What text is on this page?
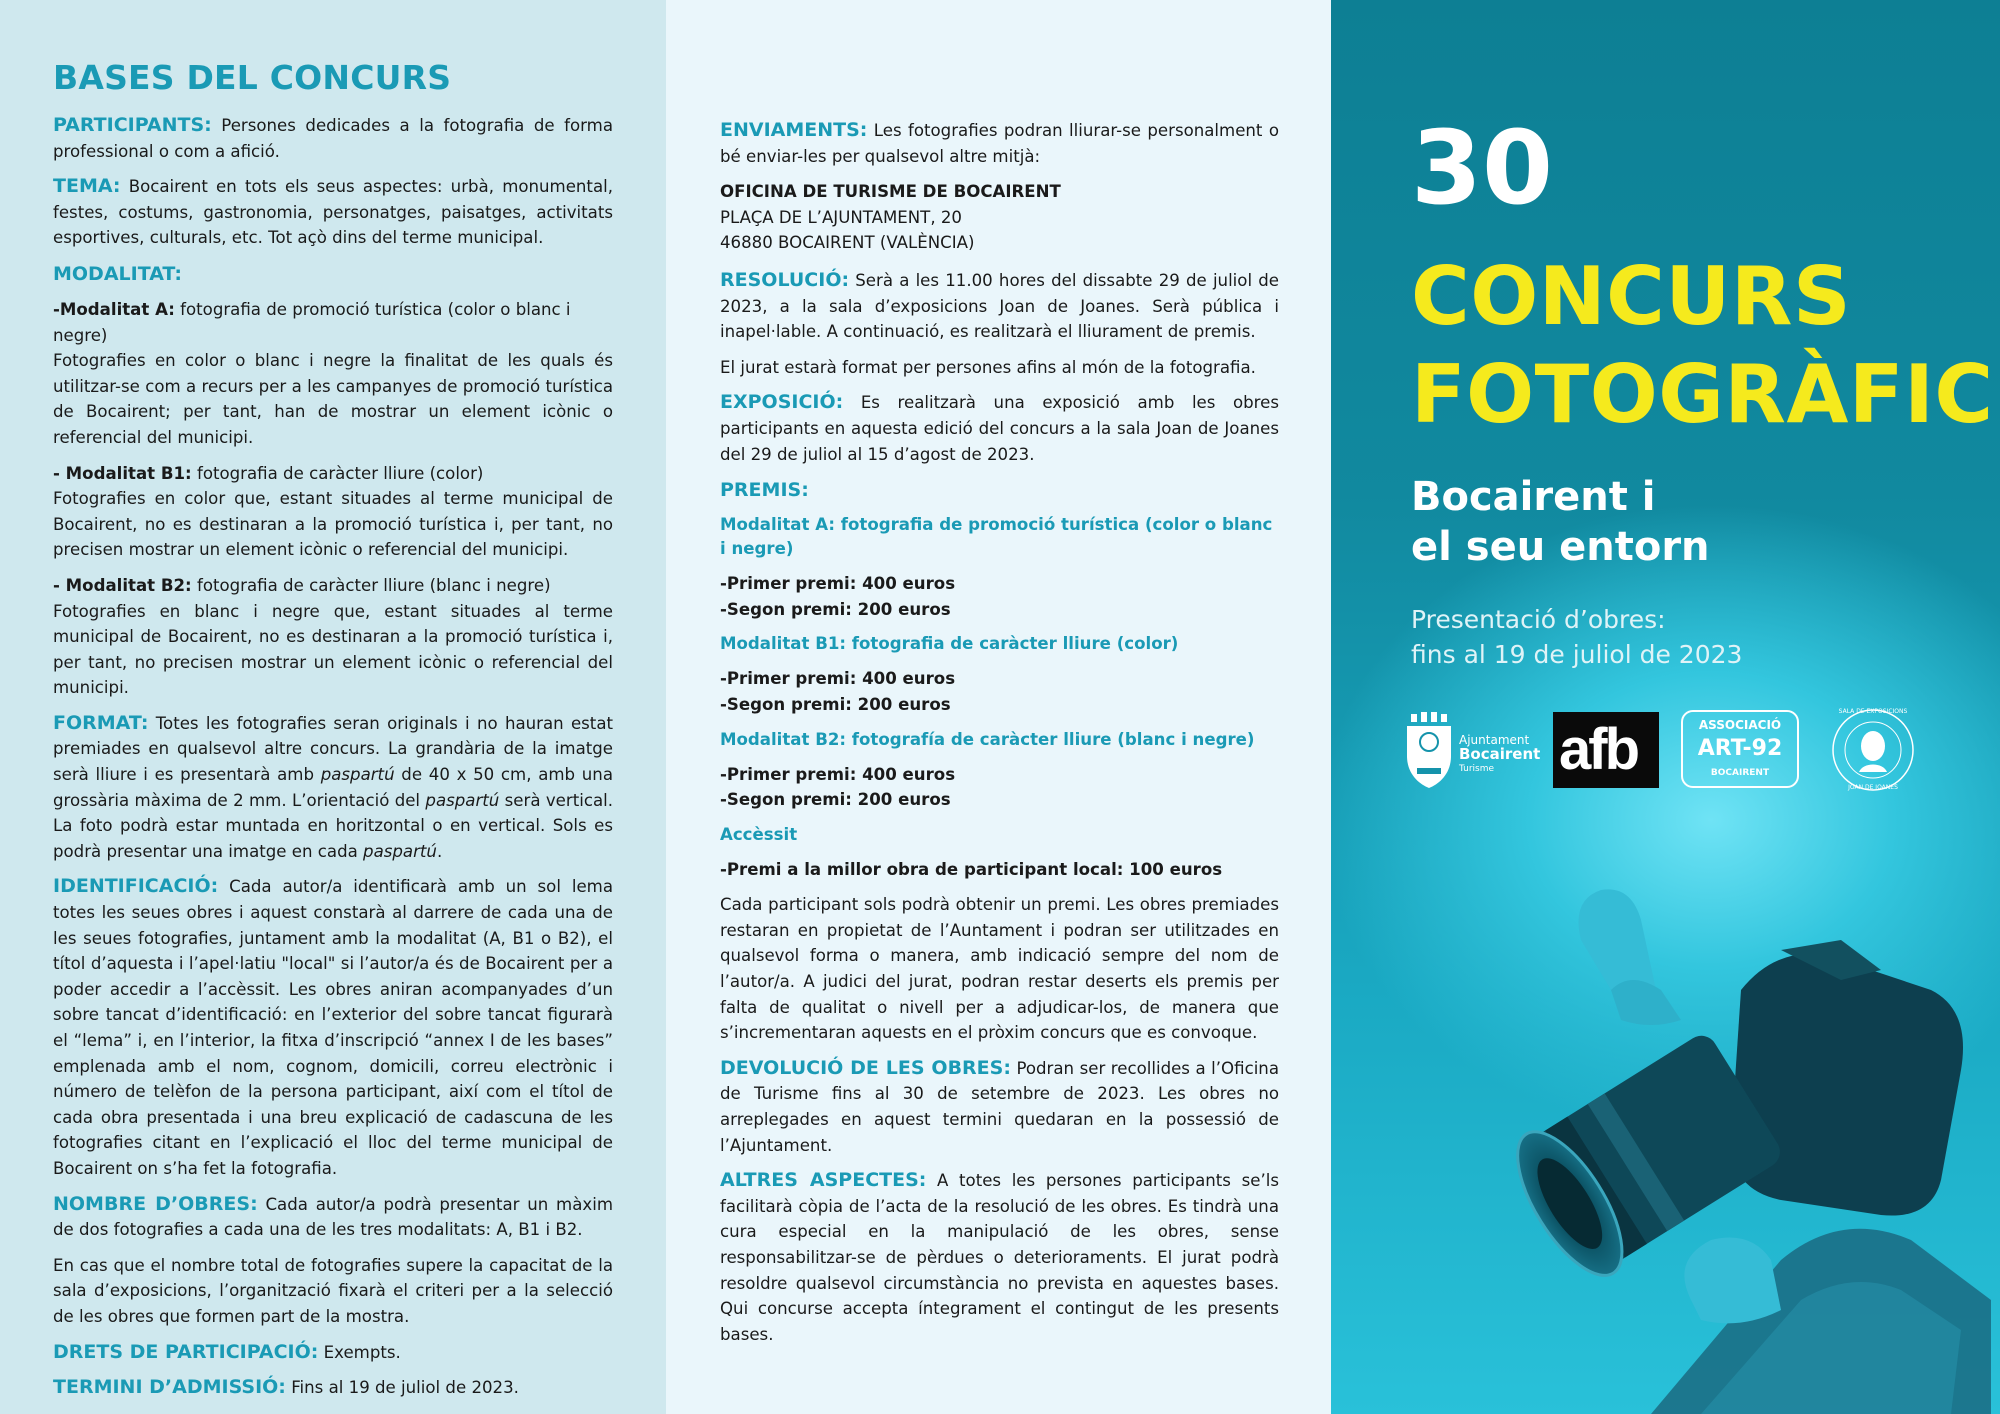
BASES DEL CONCURS

PARTICIPANTS: Persones dedicades a la fotografia de forma professional o com a afició.

TEMA: Bocairent en tots els seus aspectes: urbà, monumental, festes, costums, gastronomia, personatges, paisatges, activitats esportives, culturals, etc. Tot açò dins del terme municipal.

MODALITAT:

-Modalitat A: fotografia de promoció turística (color o blanc i negre)

Fotografies en color o blanc i negre la finalitat de les quals és utilitzar-se com a recurs per a les campanyes de promoció turística de Bocairent; per tant, han de mostrar un element icònic o referencial del municipi.

- Modalitat B1: fotografia de caràcter lliure (color)

Fotografies en color que, estant situades al terme municipal de Bocairent, no es destinaran a la promoció turística i, per tant, no precisen mostrar un element icònic o referencial del municipi.

- Modalitat B2: fotografia de caràcter lliure (blanc i negre)

Fotografies en blanc i negre que, estant situades al terme municipal de Bocairent, no es destinaran a la promoció turística i, per tant, no precisen mostrar un element icònic o referencial del municipi.

FORMAT: Totes les fotografies seran originals i no hauran estat premiades en qualsevol altre concurs. La grandària de la imatge serà lliure i es presentarà amb paspartú de 40 x 50 cm, amb una grossària màxima de 2 mm. L’orientació del paspartú serà vertical. La foto podrà estar muntada en horitzontal o en vertical. Sols es podrà presentar una imatge en cada paspartú.

IDENTIFICACIÓ: Cada autor/a identificarà amb un sol lema totes les seues obres i aquest constarà al darrere de cada una de les seues fotografies, juntament amb la modalitat (A, B1 o B2), el títol d’aquesta i l’apel·latiu "local" si l’autor/a és de Bocairent per a poder accedir a l’accèssit. Les obres aniran acompanyades d’un sobre tancat d’identificació: en l’exterior del sobre tancat figurarà el “lema” i, en l’interior, la fitxa d’inscripció “annex I de les bases” emplenada amb el nom, cognom, domicili, correu electrònic i número de telèfon de la persona participant, així com el títol de cada obra presentada i una breu explicació de cadascuna de les fotografies citant en l’explicació el lloc del terme municipal de Bocairent on s’ha fet la fotografia.

NOMBRE D’OBRES: Cada autor/a podrà presentar un màxim de dos fotografies a cada una de les tres modalitats: A, B1 i B2.

En cas que el nombre total de fotografies supere la capacitat de la sala d’exposicions, l’organització fixarà el criteri per a la selecció de les obres que formen part de la mostra.

DRETS DE PARTICIPACIÓ: Exempts.

TERMINI D’ADMISSIÓ: Fins al 19 de juliol de 2023.

ENVIAMENTS: Les fotografies podran lliurar-se personalment o bé enviar-les per qualsevol altre mitjà:

OFICINA DE TURISME DE BOCAIRENT

PLAÇA DE L’AJUNTAMENT, 20

46880 BOCAIRENT (VALÈNCIA)

RESOLUCIÓ: Serà a les 11.00 hores del dissabte 29 de juliol de 2023, a la sala d’exposicions Joan de Joanes. Serà pública i inapel·lable. A continuació, es realitzarà el lliurament de premis.

El jurat estarà format per persones afins al món de la fotografia.

EXPOSICIÓ: Es realitzarà una exposició amb les obres participants en aquesta edició del concurs a la sala Joan de Joanes del 29 de juliol al 15 d’agost de 2023.

PREMIS:
Modalitat A: fotografia de promoció turística (color o blanc i negre)
-Primer premi: 400 euros
-Segon premi: 200 euros
Modalitat B1: fotografia de caràcter lliure (color)
-Primer premi: 400 euros
-Segon premi: 200 euros
Modalitat B2: fotografía de caràcter lliure (blanc i negre)
-Primer premi: 400 euros
-Segon premi: 200 euros
Accèssit
-Premi a la millor obra de participant local: 100 euros

Cada participant sols podrà obtenir un premi. Les obres premiades restaran en propietat de l’Auntament i podran ser utilitzades en qualsevol forma o manera, amb indicació sempre del nom de l’autor/a. A judici del jurat, podran restar deserts els premis per falta de qualitat o nivell per a adjudicar-los, de manera que s’incrementaran aquests en el pròxim concurs que es convoque.

DEVOLUCIÓ DE LES OBRES: Podran ser recollides a l’Oficina de Turisme fins al 30 de setembre de 2023. Les obres no arreplegades en aquest termini quedaran en la possessió de l’Ajuntament.

ALTRES ASPECTES: A totes les persones participants se’ls facilitarà còpia de l’acta de la resolució de les obres. Es tindrà una cura especial en la manipulació de les obres, sense responsabilitzar-se de pèrdues o deterioraments. El jurat podrà resoldre qualsevol circumstància no prevista en aquestes bases. Qui concurse accepta íntegrament el contingut de les presents bases.

30
CONCURS
FOTOGRÀFIC
Bocairent i
el seu entorn
Presentació d’obres:
fins al 19 de juliol de 2023
Ajuntament
Bocairent
Turisme afb	ASSOCIACIÓ
ART-92
BOCAIRENT
SALA DE EXPOSICIONS
JOAN DE JOANES
